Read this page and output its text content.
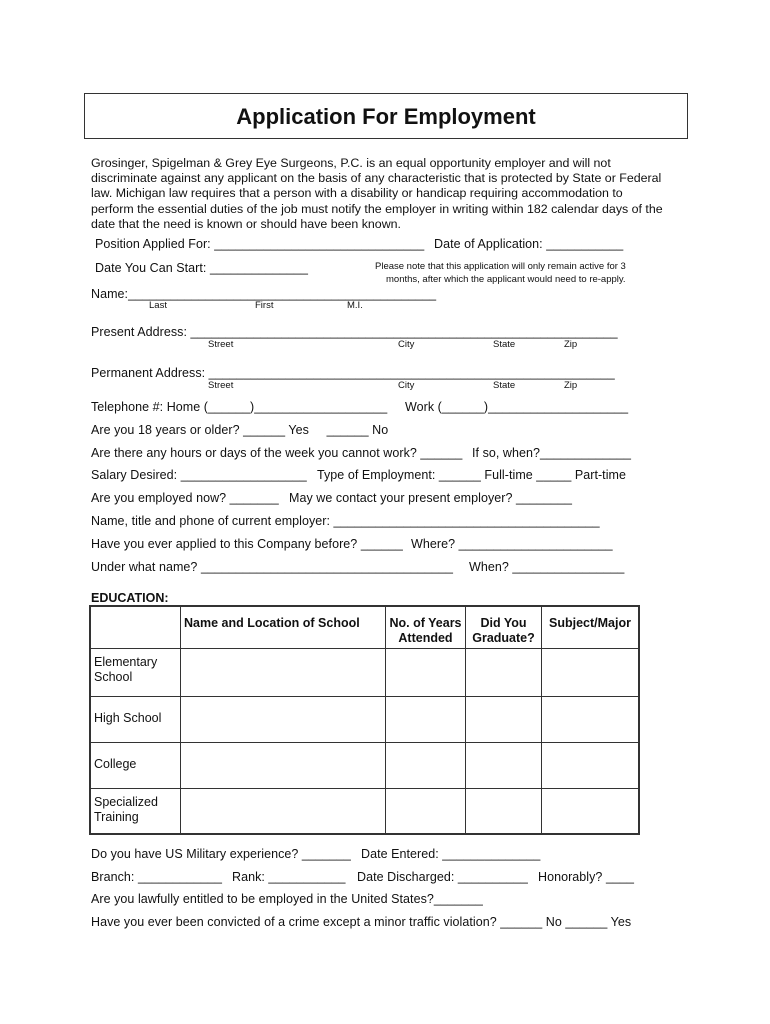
Application For Employment
Grosinger, Spigelman & Grey Eye Surgeons, P.C. is an equal opportunity employer and will not
discriminate against any applicant on the basis of any characteristic that is protected by State or Federal
law. Michigan law requires that a person with a disability or handicap requiring accommodation to
perform the essential duties of the job must notify the employer in writing within 182 calendar days of the
date that the need is known or should have been known.
Position Applied For: ______________________________ Date of Application: ___________
Date You Can Start: ______________	Please note that this application will only remain active for 3
months, after which the applicant would need to re-apply.
Name:____________________________________________
Last	First	M.I.
Present Address: _____________________________________________________________
Street	City	State	Zip
Permanent Address: __________________________________________________________
Street	City	State	Zip
Telephone #: Home (______)___________________ Work (______)____________________
Are you 18 years or older? ______ Yes     ______ No
Are there any hours or days of the week you cannot work? ______ If so, when?_____________
Salary Desired: __________________ Type of Employment: ______ Full-time _____ Part-time
Are you employed now? _______ May we contact your present employer? ________
Name, title and phone of current employer: ______________________________________
Have you ever applied to this Company before? ______ Where? ______________________
Under what name? ____________________________________ When? ________________
EDUCATION:

	Name and Location of School	No. of Years Attended	Did You Graduate?	Subject/Major

Elementary School				

High School				

College				

Specialized Training				

Do you have US Military experience? _______ Date Entered: ______________
Branch: ____________ Rank: ___________ Date Discharged: __________ Honorably? ____
Are you lawfully entitled to be employed in the United States?_______
Have you ever been convicted of a crime except a minor traffic violation? ______ No ______ Yes
